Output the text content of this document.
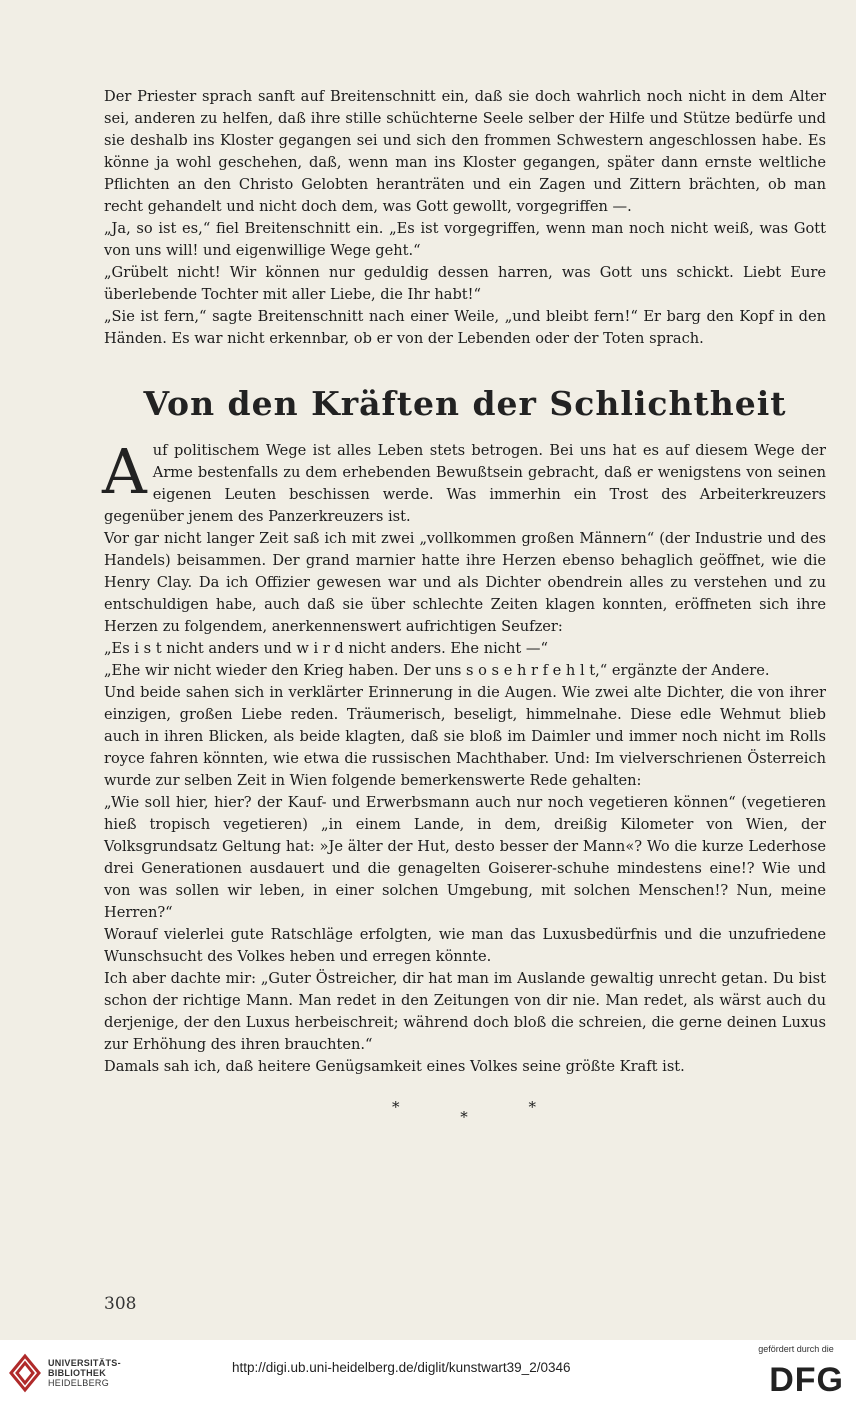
Der Priester sprach sanft auf Breitenschnitt ein, daß sie doch wahrlich noch nicht in dem Alter sei, anderen zu helfen, daß ihre stille schüchterne Seele selber der Hilfe und Stütze bedürfe und sie deshalb ins Kloster gegangen sei und sich den frommen Schwestern angeschlossen habe. Es könne ja wohl geschehen, daß, wenn man ins Kloster gegangen, später dann ernste weltliche Pflichten an den Christo Gelobten heranträten und ein Zagen und Zittern brächten, ob man recht gehandelt und nicht doch dem, was Gott gewollt, vorgegriffen —.

„Ja, so ist es,“ fiel Breitenschnitt ein. „Es ist vorgegriffen, wenn man noch nicht weiß, was Gott von uns will! und eigenwillige Wege geht.“

„Grübelt nicht! Wir können nur geduldig dessen harren, was Gott uns schickt. Liebt Eure überlebende Tochter mit aller Liebe, die Ihr habt!“

„Sie ist fern,“ sagte Breitenschnitt nach einer Weile, „und bleibt fern!“ Er barg den Kopf in den Händen. Es war nicht erkennbar, ob er von der Lebenden oder der Toten sprach.

Von den Kräften der Schlichtheit

Auf politischem Wege ist alles Leben stets betrogen. Bei uns hat es auf diesem Wege der Arme bestenfalls zu dem erhebenden Bewußtsein gebracht, daß er wenigstens von seinen eigenen Leuten beschissen werde. Was immerhin ein Trost des Arbeiterkreuzers gegenüber jenem des Panzerkreuzers ist.

Vor gar nicht langer Zeit saß ich mit zwei „vollkommen großen Männern“ (der Industrie und des Handels) beisammen. Der grand marnier hatte ihre Herzen ebenso behaglich geöffnet, wie die Henry Clay. Da ich Offizier gewesen war und als Dichter obendrein alles zu verstehen und zu entschuldigen habe, auch daß sie über schlechte Zeiten klagen konnten, eröffneten sich ihre Herzen zu folgendem, anerkennenswert aufrichtigen Seufzer:

„Es i s t nicht anders und w i r d nicht anders. Ehe nicht —“

„Ehe wir nicht wieder den Krieg haben. Der uns s o s e h r f e h l t,“ ergänzte der Andere.

Und beide sahen sich in verklärter Erinnerung in die Augen. Wie zwei alte Dichter, die von ihrer einzigen, großen Liebe reden. Träumerisch, beseligt, himmelnahe. Diese edle Wehmut blieb auch in ihren Blicken, als beide klagten, daß sie bloß im Daimler und immer noch nicht im Rolls royce fahren könnten, wie etwa die russischen Machthaber. Und: Im vielverschrienen Österreich wurde zur selben Zeit in Wien folgende bemerkenswerte Rede gehalten:

„Wie soll hier, hier? der Kauf- und Erwerbsmann auch nur noch vegetieren können“ (vegetieren hieß tropisch vegetieren) „in einem Lande, in dem, dreißig Kilometer von Wien, der Volksgrundsatz Geltung hat: »Je älter der Hut, desto besser der Mann«? Wo die kurze Lederhose drei Generationen ausdauert und die genagelten Goiserer-schuhe mindestens eine!? Wie und von was sollen wir leben, in einer solchen Umgebung, mit solchen Menschen!? Nun, meine Herren?“

Worauf vielerlei gute Ratschläge erfolgten, wie man das Luxusbedürfnis und die unzufriedene Wunschsucht des Volkes heben und erregen könnte.

Ich aber dachte mir: „Guter Östreicher, dir hat man im Auslande gewaltig unrecht getan. Du bist schon der richtige Mann. Man redet in den Zeitungen von dir nie. Man redet, als wärst auch du derjenige, der den Luxus herbeischreit; während doch bloß die schreien, die gerne deinen Luxus zur Erhöhung des ihren brauchten.“

Damals sah ich, daß heitere Genügsamkeit eines Volkes seine größte Kraft ist.

* * *
308
UNIVERSITÄTS-
BIBLIOTHEK
HEIDELBERG
http://digi.ub.uni-heidelberg.de/diglit/kunstwart39_2/0346
gefördert durch die
DFG
